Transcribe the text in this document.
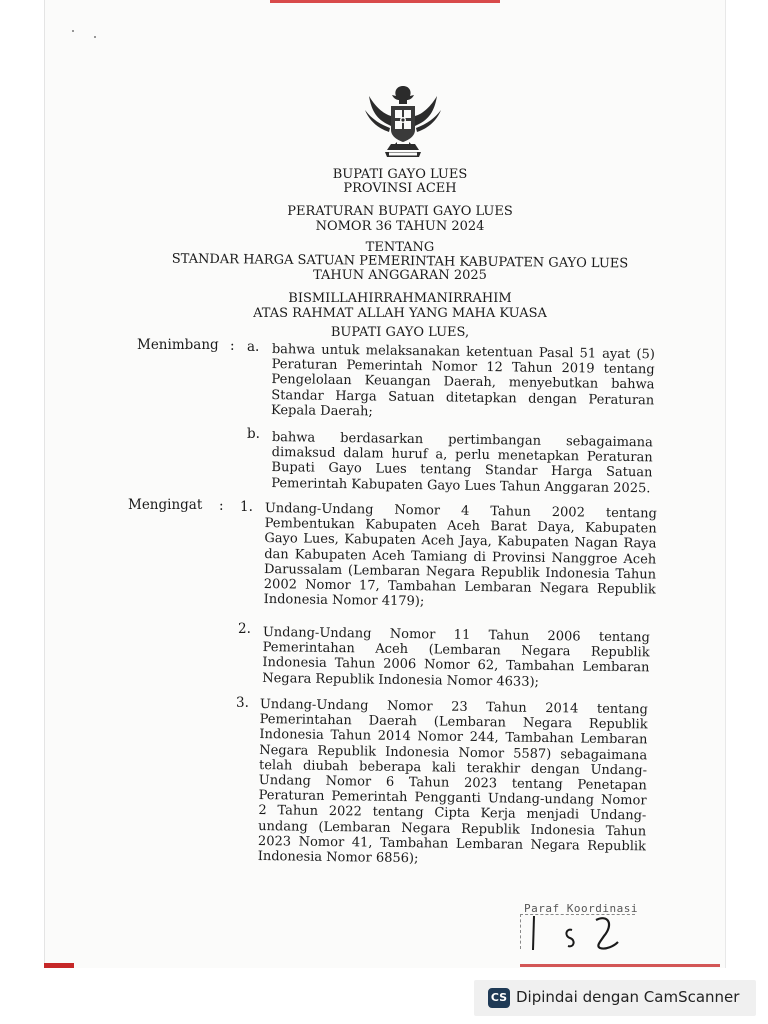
BUPATI GAYO LUES
PROVINSI ACEH
PERATURAN BUPATI GAYO LUES
NOMOR 36 TAHUN 2024
TENTANG
STANDAR HARGA SATUAN PEMERINTAH KABUPATEN GAYO LUES
TAHUN ANGGARAN 2025
BISMILLAHIRRAHMANIRRAHIM
ATAS RAHMAT ALLAH YANG MAHA KUASA
BUPATI GAYO LUES,
Menimbang : a. bahwa untuk melaksanakan ketentuan Pasal 51 ayat (5) Peraturan Pemerintah Nomor 12 Tahun 2019 tentang Pengelolaan Keuangan Daerah, menyebutkan bahwa Standar Harga Satuan ditetapkan dengan Peraturan Kepala Daerah;
b. bahwa berdasarkan pertimbangan sebagaimana dimaksud dalam huruf a, perlu menetapkan Peraturan Bupati Gayo Lues tentang Standar Harga Satuan Pemerintah Kabupaten Gayo Lues Tahun Anggaran 2025.
Mengingat : 1. Undang-Undang Nomor 4 Tahun 2002 tentang Pembentukan Kabupaten Aceh Barat Daya, Kabupaten Gayo Lues, Kabupaten Aceh Jaya, Kabupaten Nagan Raya dan Kabupaten Aceh Tamiang di Provinsi Nanggroe Aceh Darussalam (Lembaran Negara Republik Indonesia Tahun 2002 Nomor 17, Tambahan Lembaran Negara Republik Indonesia Nomor 4179);
2. Undang-Undang Nomor 11 Tahun 2006 tentang Pemerintahan Aceh (Lembaran Negara Republik Indonesia Tahun 2006 Nomor 62, Tambahan Lembaran Negara Republik Indonesia Nomor 4633);
3. Undang-Undang Nomor 23 Tahun 2014 tentang Pemerintahan Daerah (Lembaran Negara Republik Indonesia Tahun 2014 Nomor 244, Tambahan Lembaran Negara Republik Indonesia Nomor 5587) sebagaimana telah diubah beberapa kali terakhir dengan Undang-Undang Nomor 6 Tahun 2023 tentang Penetapan Peraturan Pemerintah Pengganti Undang-undang Nomor 2 Tahun 2022 tentang Cipta Kerja menjadi Undang-undang (Lembaran Negara Republik Indonesia Tahun 2023 Nomor 41, Tambahan Lembaran Negara Republik Indonesia Nomor 6856);
Paraf Koordinasi
CS Dipindai dengan CamScanner
